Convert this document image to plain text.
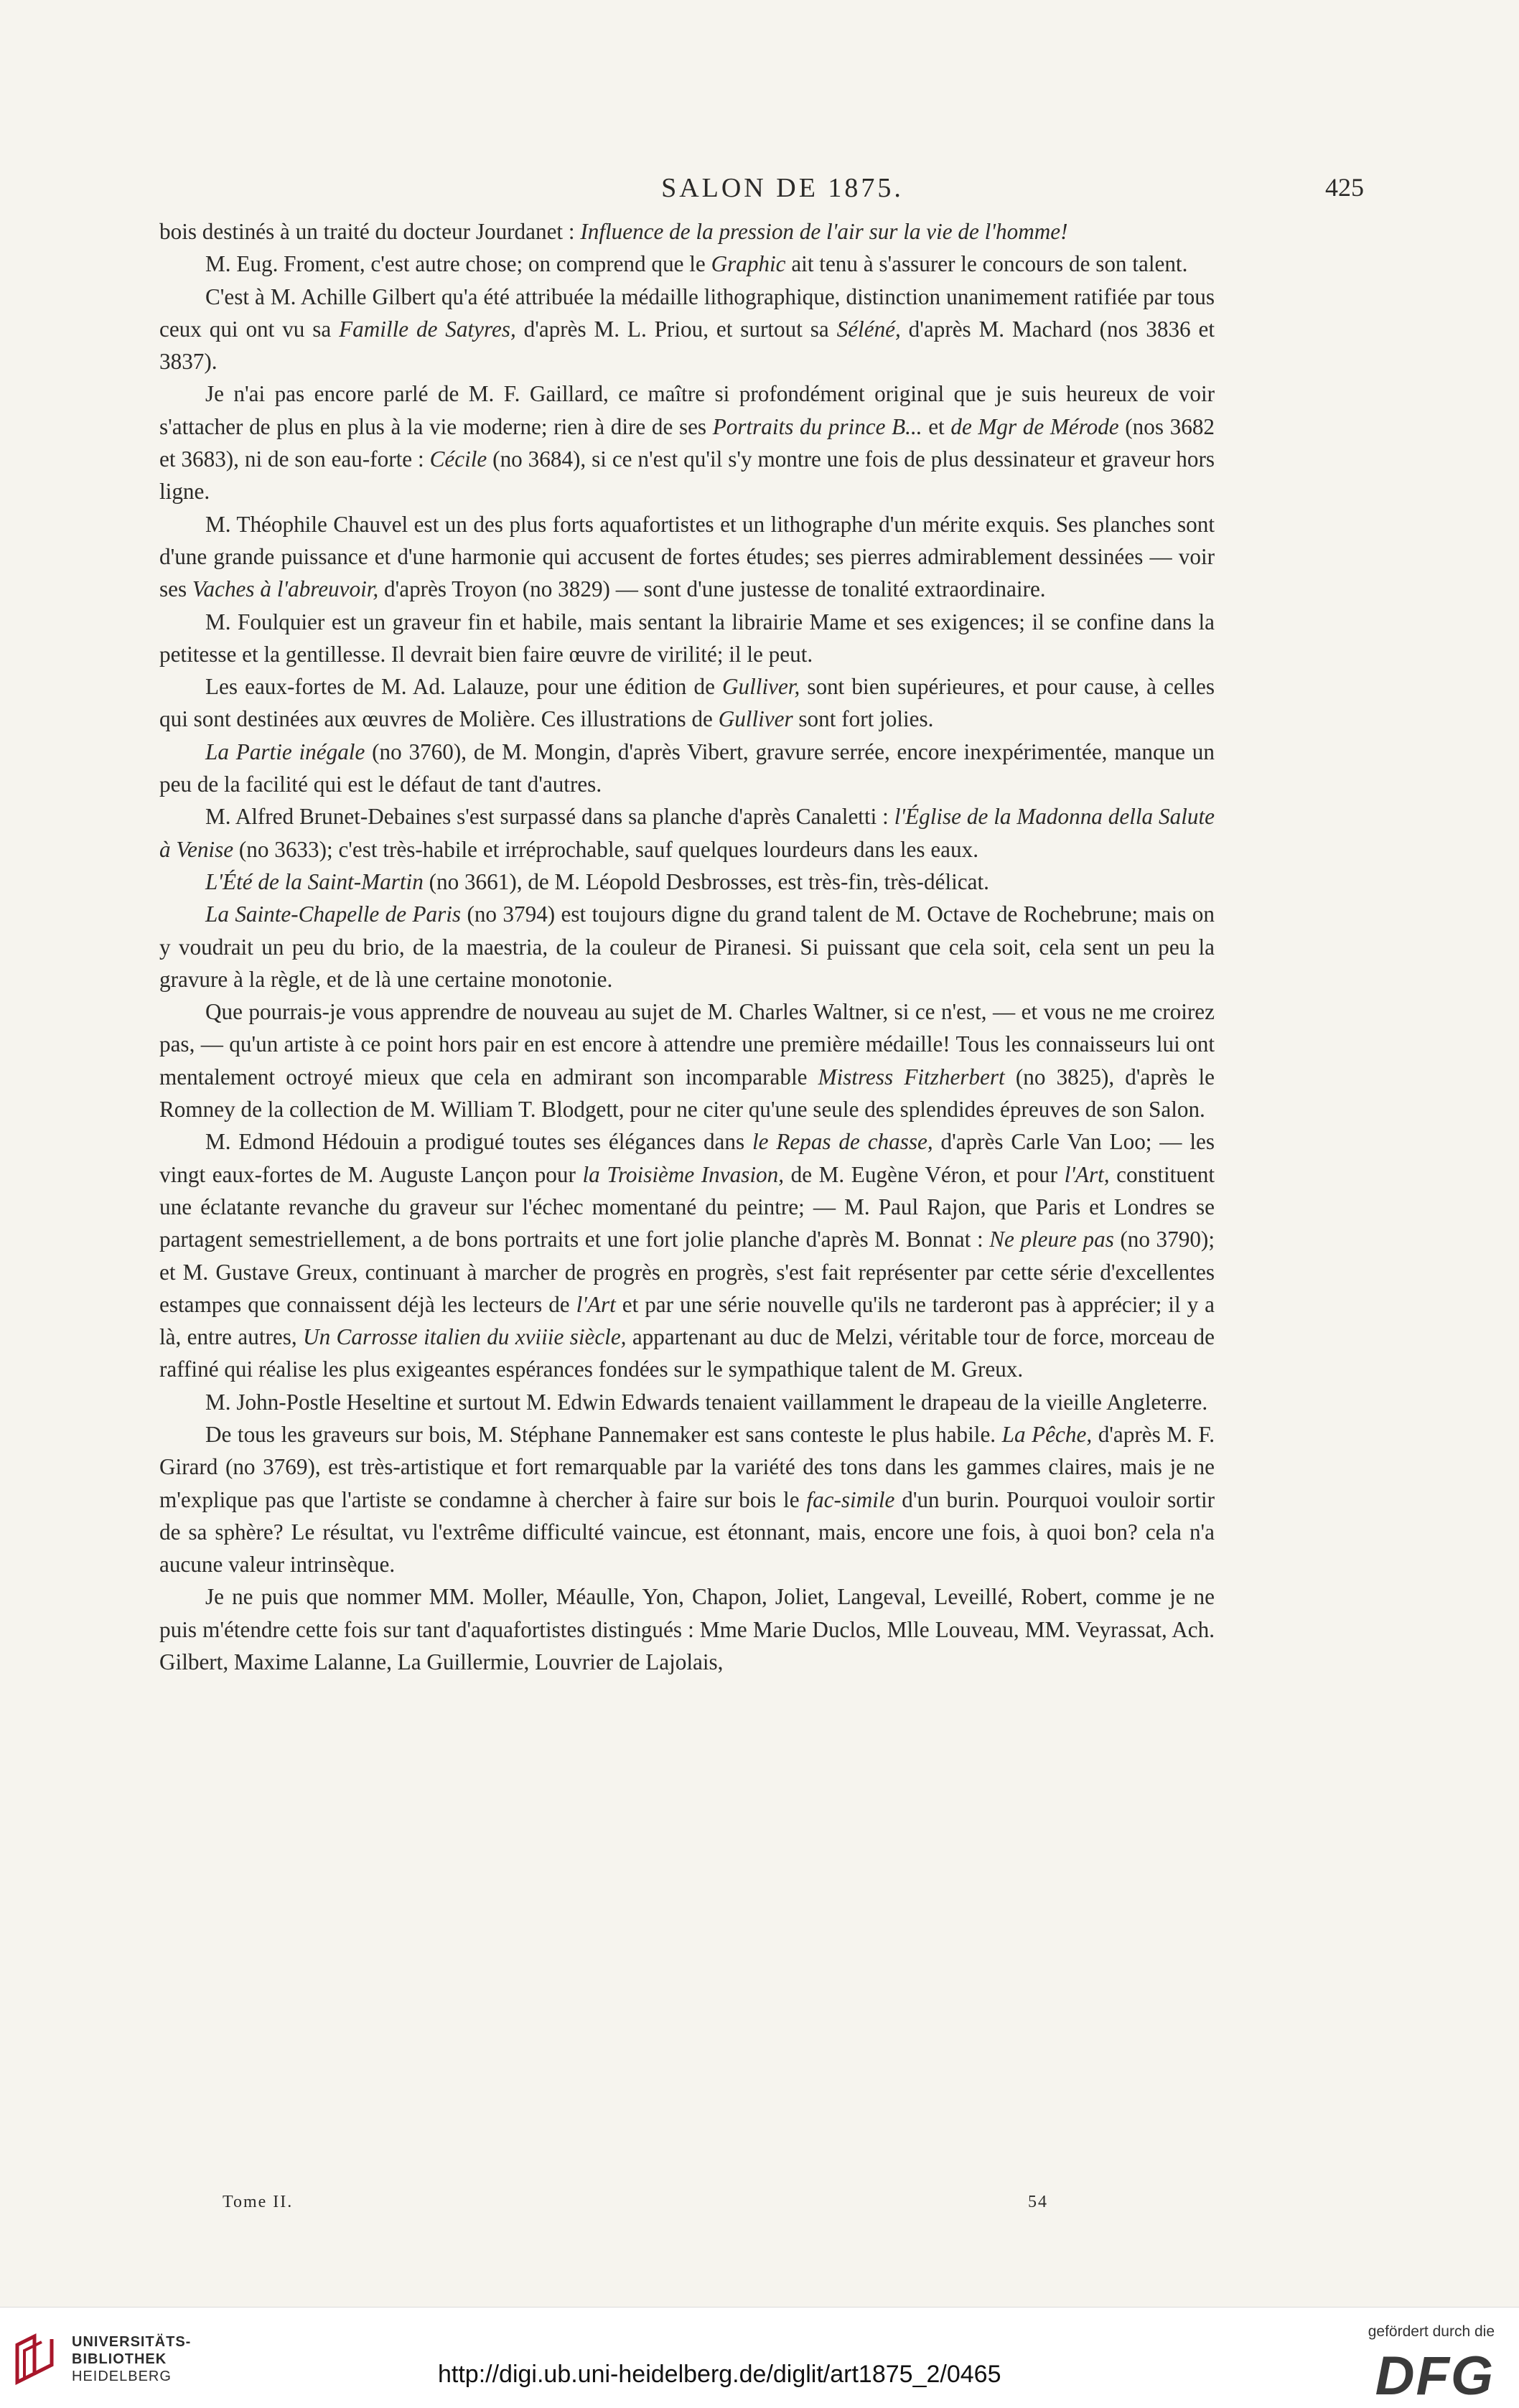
SALON DE 1875.	425

bois destinés à un traité du docteur Jourdanet : Influence de la pression de l'air sur la vie de l'homme!

M. Eug. Froment, c'est autre chose; on comprend que le Graphic ait tenu à s'assurer le concours de son talent.

C'est à M. Achille Gilbert qu'a été attribuée la médaille lithographique, distinction unanimement ratifiée par tous ceux qui ont vu sa Famille de Satyres, d'après M. L. Priou, et surtout sa Séléné, d'après M. Machard (nos 3836 et 3837).

Je n'ai pas encore parlé de M. F. Gaillard, ce maître si profondément original que je suis heureux de voir s'attacher de plus en plus à la vie moderne; rien à dire de ses Portraits du prince B... et de Mgr de Mérode (nos 3682 et 3683), ni de son eau-forte : Cécile (no 3684), si ce n'est qu'il s'y montre une fois de plus dessinateur et graveur hors ligne.

M. Théophile Chauvel est un des plus forts aquafortistes et un lithographe d'un mérite exquis. Ses planches sont d'une grande puissance et d'une harmonie qui accusent de fortes études; ses pierres admirablement dessinées — voir ses Vaches à l'abreuvoir, d'après Troyon (no 3829) — sont d'une justesse de tonalité extraordinaire.

M. Foulquier est un graveur fin et habile, mais sentant la librairie Mame et ses exigences; il se confine dans la petitesse et la gentillesse. Il devrait bien faire œuvre de virilité; il le peut.

Les eaux-fortes de M. Ad. Lalauze, pour une édition de Gulliver, sont bien supérieures, et pour cause, à celles qui sont destinées aux œuvres de Molière. Ces illustrations de Gulliver sont fort jolies.

La Partie inégale (no 3760), de M. Mongin, d'après Vibert, gravure serrée, encore inexpérimentée, manque un peu de la facilité qui est le défaut de tant d'autres.

M. Alfred Brunet-Debaines s'est surpassé dans sa planche d'après Canaletti : l'Église de la Madonna della Salute à Venise (no 3633); c'est très-habile et irréprochable, sauf quelques lourdeurs dans les eaux.

L'Été de la Saint-Martin (no 3661), de M. Léopold Desbrosses, est très-fin, très-délicat.

La Sainte-Chapelle de Paris (no 3794) est toujours digne du grand talent de M. Octave de Rochebrune; mais on y voudrait un peu du brio, de la maestria, de la couleur de Piranesi. Si puissant que cela soit, cela sent un peu la gravure à la règle, et de là une certaine monotonie.

Que pourrais-je vous apprendre de nouveau au sujet de M. Charles Waltner, si ce n'est, — et vous ne me croirez pas, — qu'un artiste à ce point hors pair en est encore à attendre une première médaille! Tous les connaisseurs lui ont mentalement octroyé mieux que cela en admirant son incomparable Mistress Fitzherbert (no 3825), d'après le Romney de la collection de M. William T. Blodgett, pour ne citer qu'une seule des splendides épreuves de son Salon.

M. Edmond Hédouin a prodigué toutes ses élégances dans le Repas de chasse, d'après Carle Van Loo; — les vingt eaux-fortes de M. Auguste Lançon pour la Troisième Invasion, de M. Eugène Véron, et pour l'Art, constituent une éclatante revanche du graveur sur l'échec momentané du peintre; — M. Paul Rajon, que Paris et Londres se partagent semestriellement, a de bons portraits et une fort jolie planche d'après M. Bonnat : Ne pleure pas (no 3790); et M. Gustave Greux, continuant à marcher de progrès en progrès, s'est fait représenter par cette série d'excellentes estampes que connaissent déjà les lecteurs de l'Art et par une série nouvelle qu'ils ne tarderont pas à apprécier; il y a là, entre autres, Un Carrosse italien du xviiie siècle, appartenant au duc de Melzi, véritable tour de force, morceau de raffiné qui réalise les plus exigeantes espérances fondées sur le sympathique talent de M. Greux.

M. John-Postle Heseltine et surtout M. Edwin Edwards tenaient vaillamment le drapeau de la vieille Angleterre.

De tous les graveurs sur bois, M. Stéphane Pannemaker est sans conteste le plus habile. La Pêche, d'après M. F. Girard (no 3769), est très-artistique et fort remarquable par la variété des tons dans les gammes claires, mais je ne m'explique pas que l'artiste se condamne à chercher à faire sur bois le fac-simile d'un burin. Pourquoi vouloir sortir de sa sphère? Le résultat, vu l'extrême difficulté vaincue, est étonnant, mais, encore une fois, à quoi bon? cela n'a aucune valeur intrinsèque.

Je ne puis que nommer MM. Moller, Méaulle, Yon, Chapon, Joliet, Langeval, Leveillé, Robert, comme je ne puis m'étendre cette fois sur tant d'aquafortistes distingués : Mme Marie Duclos, Mlle Louveau, MM. Veyrassat, Ach. Gilbert, Maxime Lalanne, La Guillermie, Louvrier de Lajolais,

Tome II.	54
UNIVERSITÄTS-
BIBLIOTHEK
HEIDELBERG	http://digi.ub.uni-heidelberg.de/diglit/art1875_2/0465
gefördert durch die
DFG
